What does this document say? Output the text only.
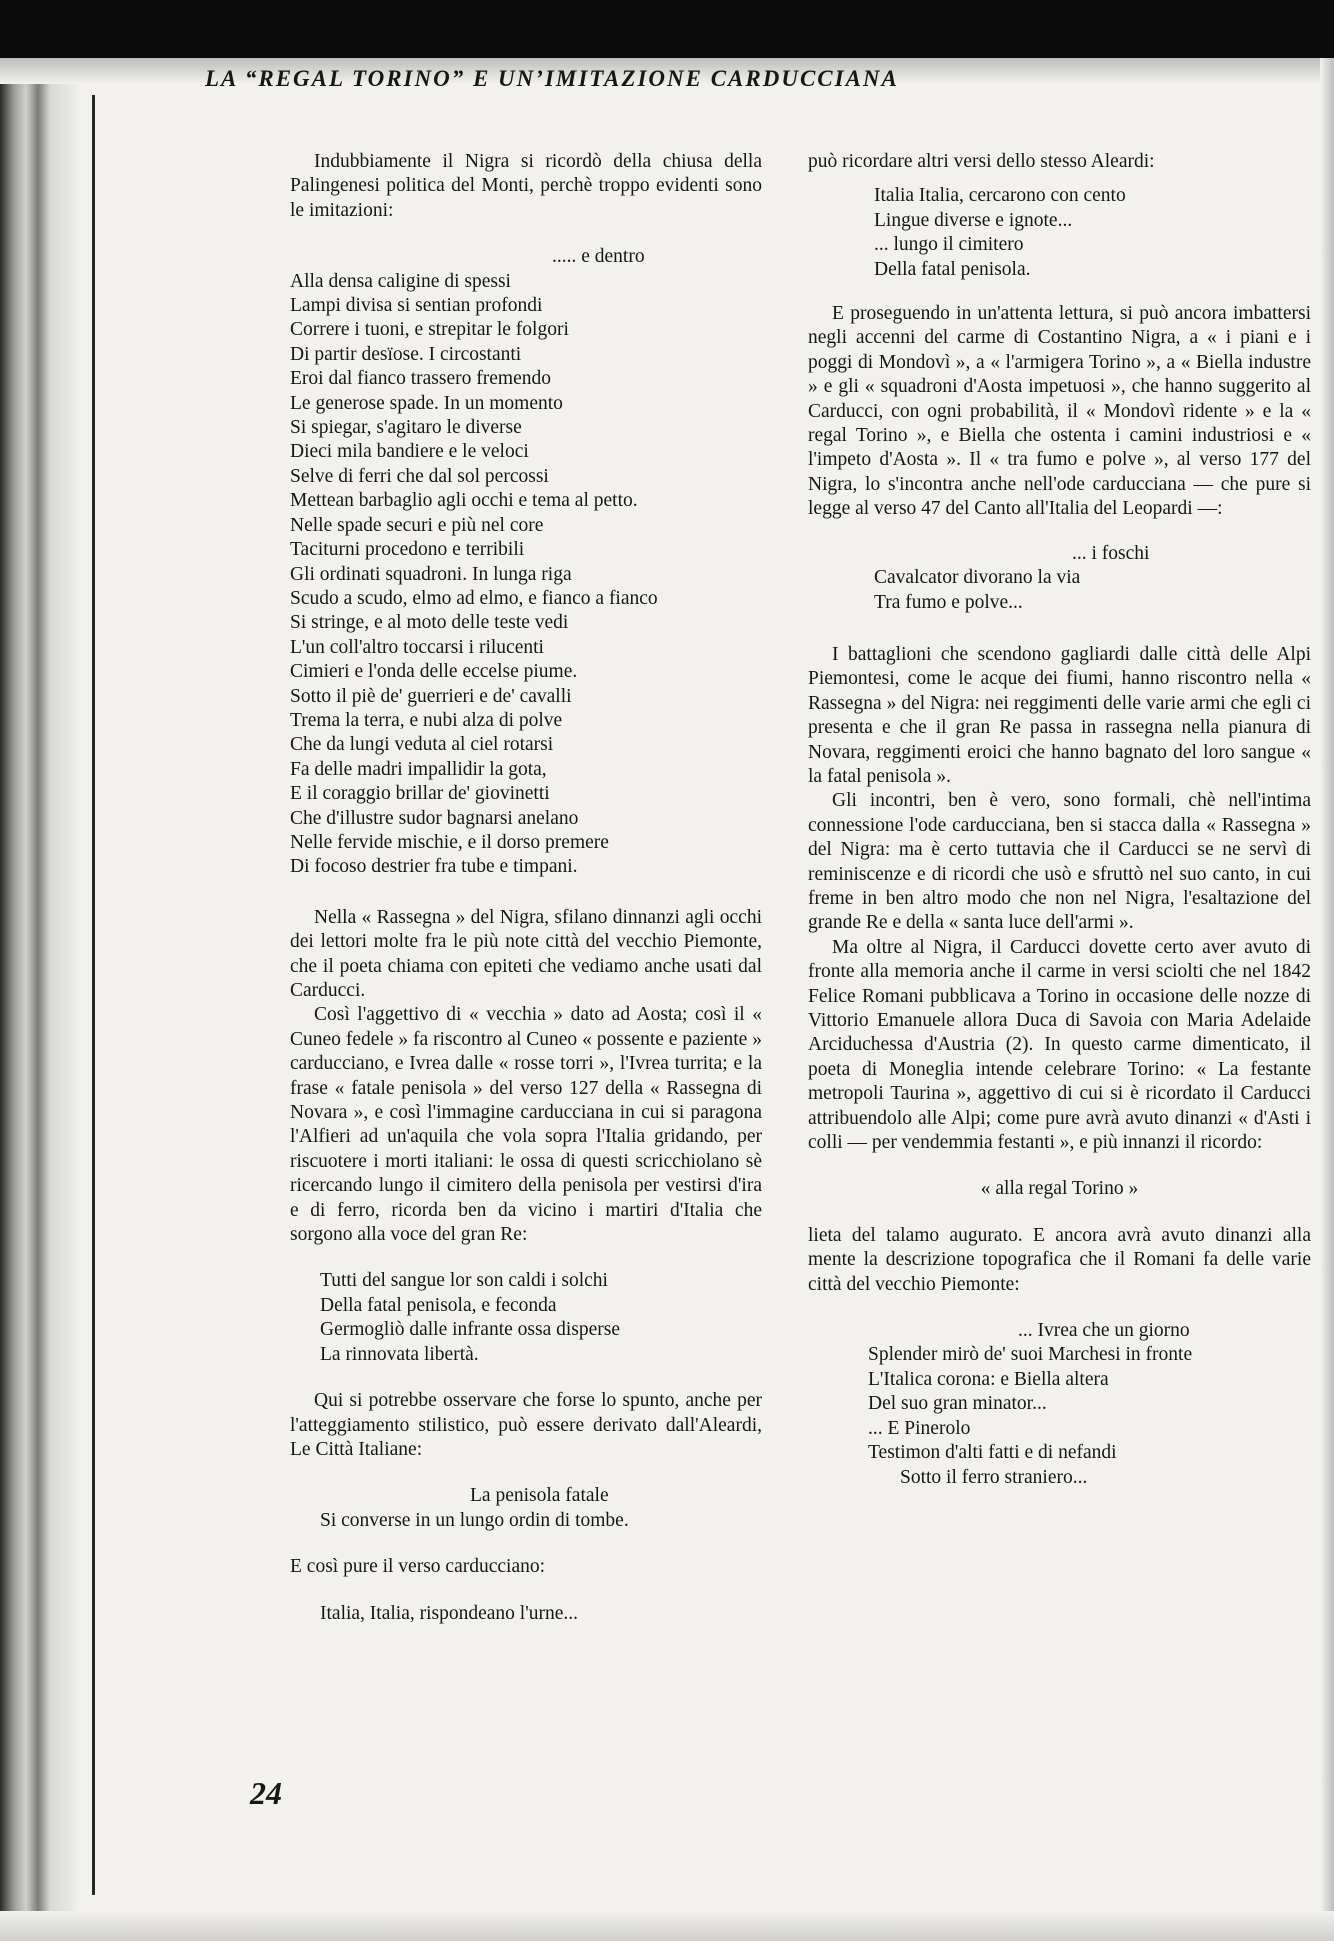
LA “REGAL TORINO” E UN’IMITAZIONE CARDUCCIANA

Indubbiamente il Nigra si ricordò della chiusa della Palingenesi politica del Monti, perchè troppo evidenti sono le imitazioni:

..... e dentro
Alla densa caligine di spessi
Lampi divisa si sentian profondi
Correre i tuoni, e strepitar le folgori
Di partir desïose. I circostanti
Eroi dal fianco trassero fremendo
Le generose spade. In un momento
Si spiegar, s'agitaro le diverse
Dieci mila bandiere e le veloci
Selve di ferri che dal sol percossi
Mettean barbaglio agli occhi e tema al petto.
Nelle spade securi e più nel core
Taciturni procedono e terribili
Gli ordinati squadroni. In lunga riga
Scudo a scudo, elmo ad elmo, e fianco a fianco
Si stringe, e al moto delle teste vedi
L'un coll'altro toccarsi i rilucenti
Cimieri e l'onda delle eccelse piume.
Sotto il piè de' guerrieri e de' cavalli
Trema la terra, e nubi alza di polve
Che da lungi veduta al ciel rotarsi
Fa delle madri impallidir la gota,
E il coraggio brillar de' giovinetti
Che d'illustre sudor bagnarsi anelano
Nelle fervide mischie, e il dorso premere
Di focoso destrier fra tube e timpani.

Nella « Rassegna » del Nigra, sfilano dinnanzi agli occhi dei lettori molte fra le più note città del vecchio Piemonte, che il poeta chiama con epiteti che vediamo anche usati dal Carducci.

Così l'aggettivo di « vecchia » dato ad Aosta; così il « Cuneo fedele » fa riscontro al Cuneo « possente e paziente » carducciano, e Ivrea dalle « rosse torri », l'Ivrea turrita; e la frase « fatale penisola » del verso 127 della « Rassegna di Novara », e così l'immagine carducciana in cui si paragona l'Alfieri ad un'aquila che vola sopra l'Italia gridando, per riscuotere i morti italiani: le ossa di questi scricchiolano sè ricercando lungo il cimitero della penisola per vestirsi d'ira e di ferro, ricorda ben da vicino i martiri d'Italia che sorgono alla voce del gran Re:

Tutti del sangue lor son caldi i solchi
Della fatal penisola, e feconda
Germogliò dalle infrante ossa disperse
La rinnovata libertà.

Qui si potrebbe osservare che forse lo spunto, anche per l'atteggiamento stilistico, può essere derivato dall'Aleardi, Le Città Italiane:

La penisola fatale
Si converse in un lungo ordin di tombe.

E così pure il verso carducciano:

Italia, Italia, rispondeano l'urne...

può ricordare altri versi dello stesso Aleardi:

Italia Italia, cercarono con cento
Lingue diverse e ignote...
... lungo il cimitero
Della fatal penisola.

E proseguendo in un'attenta lettura, si può ancora imbattersi negli accenni del carme di Costantino Nigra, a « i piani e i poggi di Mondovì », a « l'armigera Torino », a « Biella industre » e gli « squadroni d'Aosta impetuosi », che hanno suggerito al Carducci, con ogni probabilità, il « Mondovì ridente » e la « regal Torino », e Biella che ostenta i camini industriosi e « l'impeto d'Aosta ». Il « tra fumo e polve », al verso 177 del Nigra, lo s'incontra anche nell'ode carducciana — che pure si legge al verso 47 del Canto all'Italia del Leopardi —:

... i foschi
Cavalcator divorano la via
Tra fumo e polve...

I battaglioni che scendono gagliardi dalle città delle Alpi Piemontesi, come le acque dei fiumi, hanno riscontro nella « Rassegna » del Nigra: nei reggimenti delle varie armi che egli ci presenta e che il gran Re passa in rassegna nella pianura di Novara, reggimenti eroici che hanno bagnato del loro sangue « la fatal penisola ».

Gli incontri, ben è vero, sono formali, chè nell'intima connessione l'ode carducciana, ben si stacca dalla « Rassegna » del Nigra: ma è certo tuttavia che il Carducci se ne servì di reminiscenze e di ricordi che usò e sfruttò nel suo canto, in cui freme in ben altro modo che non nel Nigra, l'esaltazione del grande Re e della « santa luce dell'armi ».

Ma oltre al Nigra, il Carducci dovette certo aver avuto di fronte alla memoria anche il carme in versi sciolti che nel 1842 Felice Romani pubblicava a Torino in occasione delle nozze di Vittorio Emanuele allora Duca di Savoia con Maria Adelaide Arciduchessa d'Austria (2). In questo carme dimenticato, il poeta di Moneglia intende celebrare Torino: « La festante metropoli Taurina », aggettivo di cui si è ricordato il Carducci attribuendolo alle Alpi; come pure avrà avuto dinanzi « d'Asti i colli — per vendemmia festanti », e più innanzi il ricordo:

« alla regal Torino »

lieta del talamo augurato. E ancora avrà avuto dinanzi alla mente la descrizione topografica che il Romani fa delle varie città del vecchio Piemonte:

... Ivrea che un giorno
Splender mirò de' suoi Marchesi in fronte
L'Italica corona: e Biella altera
Del suo gran minator...
... E Pinerolo
Testimon d'alti fatti e di nefandi
Sotto il ferro straniero...
24
